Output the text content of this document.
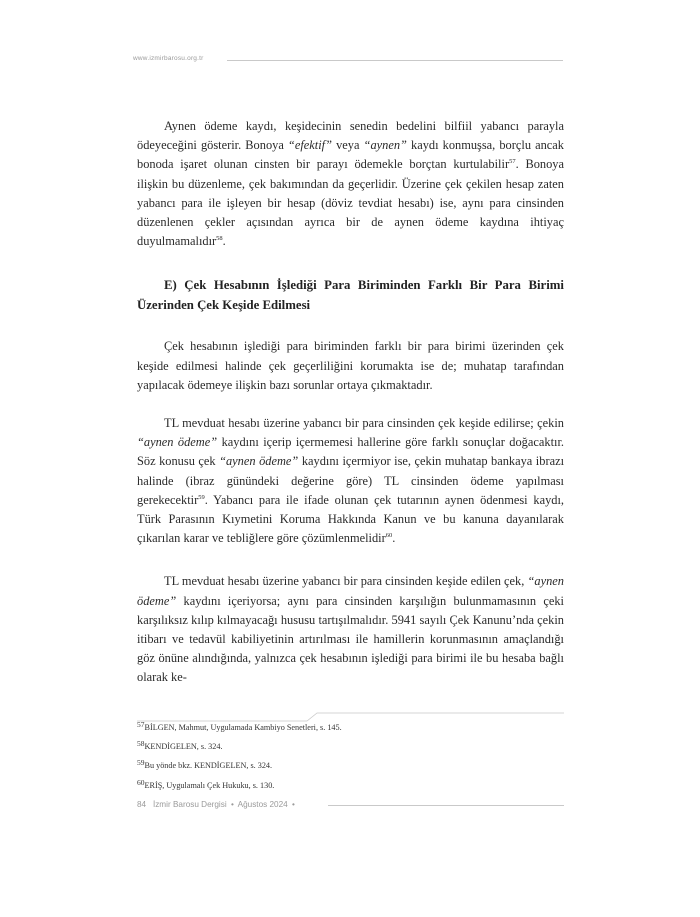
www.izmirbarosu.org.tr

Aynen ödeme kaydı, keşidecinin senedin bedelini bilfiil yabancı parayla ödeyeceğini gösterir. Bonoya “efektif” veya “aynen” kaydı konmuşsa, borçlu ancak bonoda işaret olunan cinsten bir parayı ödemekle borçtan kurtulabilir$^{57}$. Bonoya ilişkin bu düzenleme, çek bakımından da geçerlidir. Üzerine çek çekilen hesap zaten yabancı para ile işleyen bir hesap (döviz tevdiat hesabı) ise, aynı para cinsinden düzenlenen çekler açısından ayrıca bir de aynen ödeme kaydına ihtiyaç duyulmamalıdır$^{58}$.

E) Çek Hesabının İşlediği Para Biriminden Farklı Bir Para Birimi Üzerinden Çek Keşide Edilmesi

Çek hesabının işlediği para biriminden farklı bir para birimi üzerinden çek keşide edilmesi halinde çek geçerliliğini korumakta ise de; muhatap tarafından yapılacak ödemeye ilişkin bazı sorunlar ortaya çıkmaktadır.

TL mevduat hesabı üzerine yabancı bir para cinsinden çek keşide edilirse; çekin “aynen ödeme” kaydını içerip içermemesi hallerine göre farklı sonuçlar doğacaktır. Söz konusu çek “aynen ödeme” kaydını içermiyor ise, çekin muhatap bankaya ibrazı halinde (ibraz günündeki değerine göre) TL cinsinden ödeme yapılması gerekecektir$^{59}$. Yabancı para ile ifade olunan çek tutarının aynen ödenmesi kaydı, Türk Parasının Kıymetini Koruma Hakkında Kanun ve bu kanuna dayanılarak çıkarılan karar ve tebliğlere göre çözümlenmelidir$^{60}$.

TL mevduat hesabı üzerine yabancı bir para cinsinden keşide edilen çek, “aynen ödeme” kaydını içeriyorsa; aynı para cinsinden karşılığın bulunmamasının çeki karşılıksız kılıp kılmayacağı hususu tartışılmalıdır. 5941 sayılı Çek Kanunu’nda çekin itibarı ve tedavül kabiliyetinin artırılması ile hamillerin korunmasının amaçlandığı göz önüne alındığında, yalnızca çek hesabının işlediği para birimi ile bu hesaba bağlı olarak ke-

$^{57}$BİLGEN, Mahmut, Uygulamada Kambiyo Senetleri, s. 145.

$^{58}$KENDİGELEN, s. 324.

$^{59}$Bu yönde bkz. KENDİGELEN, s. 324.

$^{60}$ERİŞ, Uygulamalı Çek Hukuku, s. 130.

84 İzmir Barosu Dergisi • Ağustos 2024 •
